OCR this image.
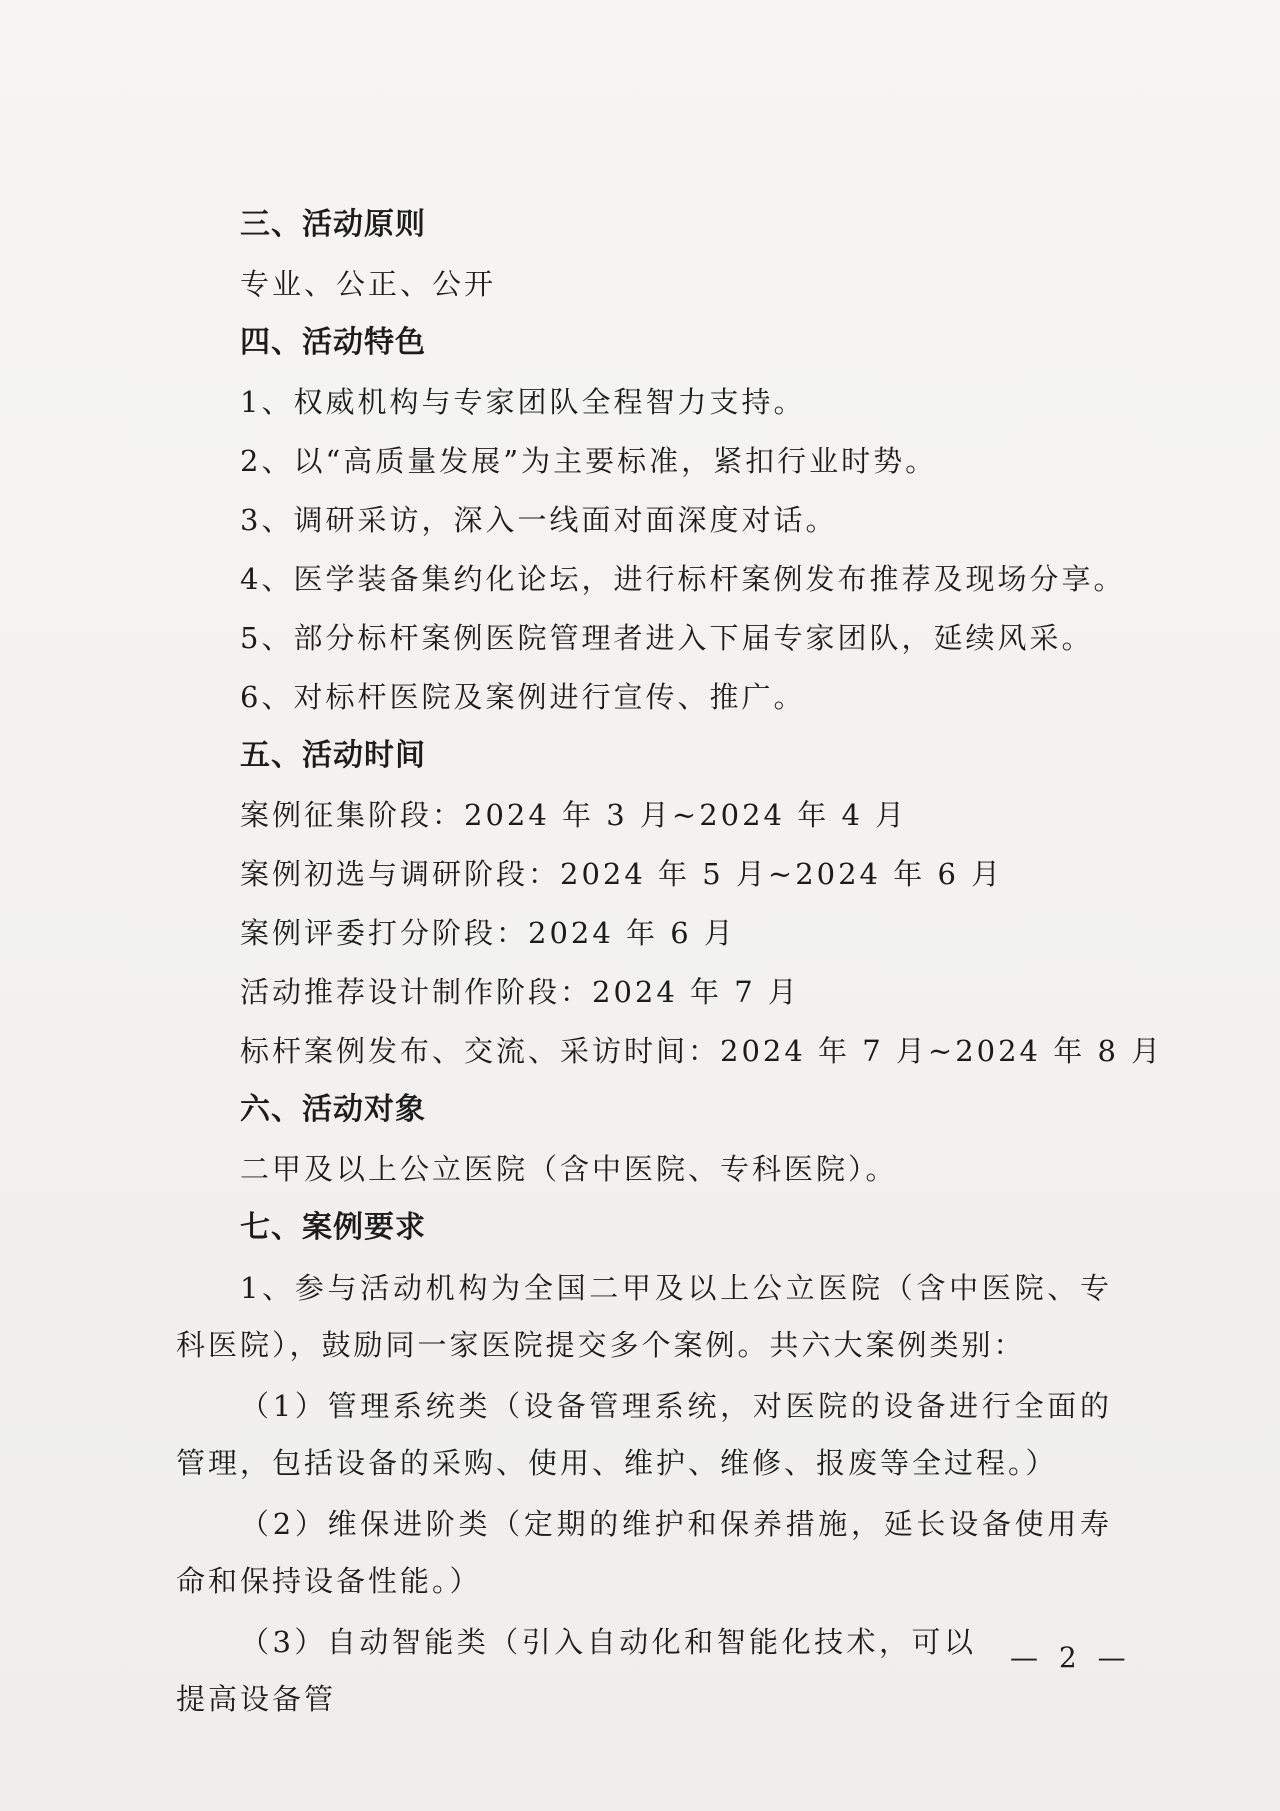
三、活动原则
专业、公正、公开
四、活动特色
1、权威机构与专家团队全程智力支持。
2、以“高质量发展”为主要标准，紧扣行业时势。
3、调研采访，深入一线面对面深度对话。
4、医学装备集约化论坛，进行标杆案例发布推荐及现场分享。
5、部分标杆案例医院管理者进入下届专家团队，延续风采。
6、对标杆医院及案例进行宣传、推广。
五、活动时间
案例征集阶段：2024 年 3 月~2024 年 4 月
案例初选与调研阶段：2024 年 5 月~2024 年 6 月
案例评委打分阶段：2024 年 6 月
活动推荐设计制作阶段：2024 年 7 月
标杆案例发布、交流、采访时间：2024 年 7 月~2024 年 8 月
六、活动对象
二甲及以上公立医院（含中医院、专科医院）。
七、案例要求
1、参与活动机构为全国二甲及以上公立医院（含中医院、专科医院），鼓励同一家医院提交多个案例。共六大案例类别：
（1）管理系统类（设备管理系统，对医院的设备进行全面的管理，包括设备的采购、使用、维护、维修、报废等全过程。）
（2）维保进阶类（定期的维护和保养措施，延长设备使用寿命和保持设备性能。）
（3）自动智能类（引入自动化和智能化技术，可以提高设备管
— 2 —
